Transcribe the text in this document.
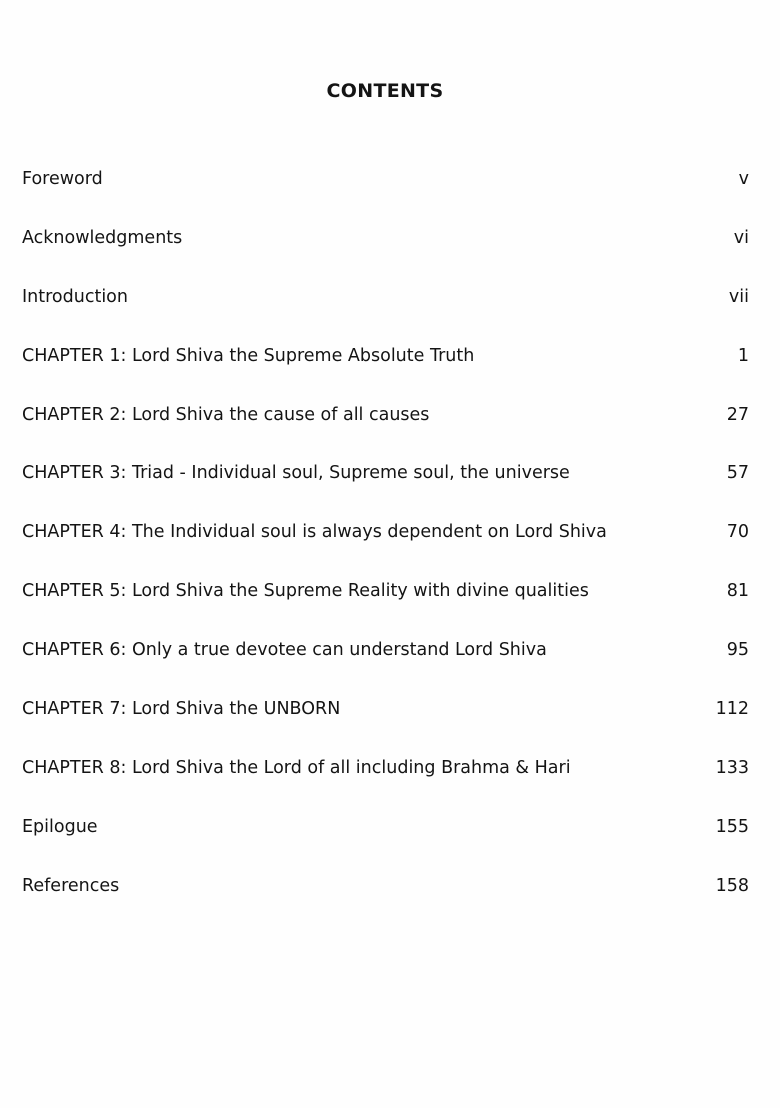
CONTENTS
Foreword	v
Acknowledgments	vi
Introduction	vii
CHAPTER 1: Lord Shiva the Supreme Absolute Truth	1
CHAPTER 2: Lord Shiva the cause of all causes	27
CHAPTER 3: Triad - Individual soul, Supreme soul, the universe	57
CHAPTER 4: The Individual soul is always dependent on Lord Shiva	70
CHAPTER 5: Lord Shiva the Supreme Reality with divine qualities	81
CHAPTER 6: Only a true devotee can understand Lord Shiva	95
CHAPTER 7: Lord Shiva the UNBORN	112
CHAPTER 8: Lord Shiva the Lord of all including Brahma & Hari	133
Epilogue	155
References	158
